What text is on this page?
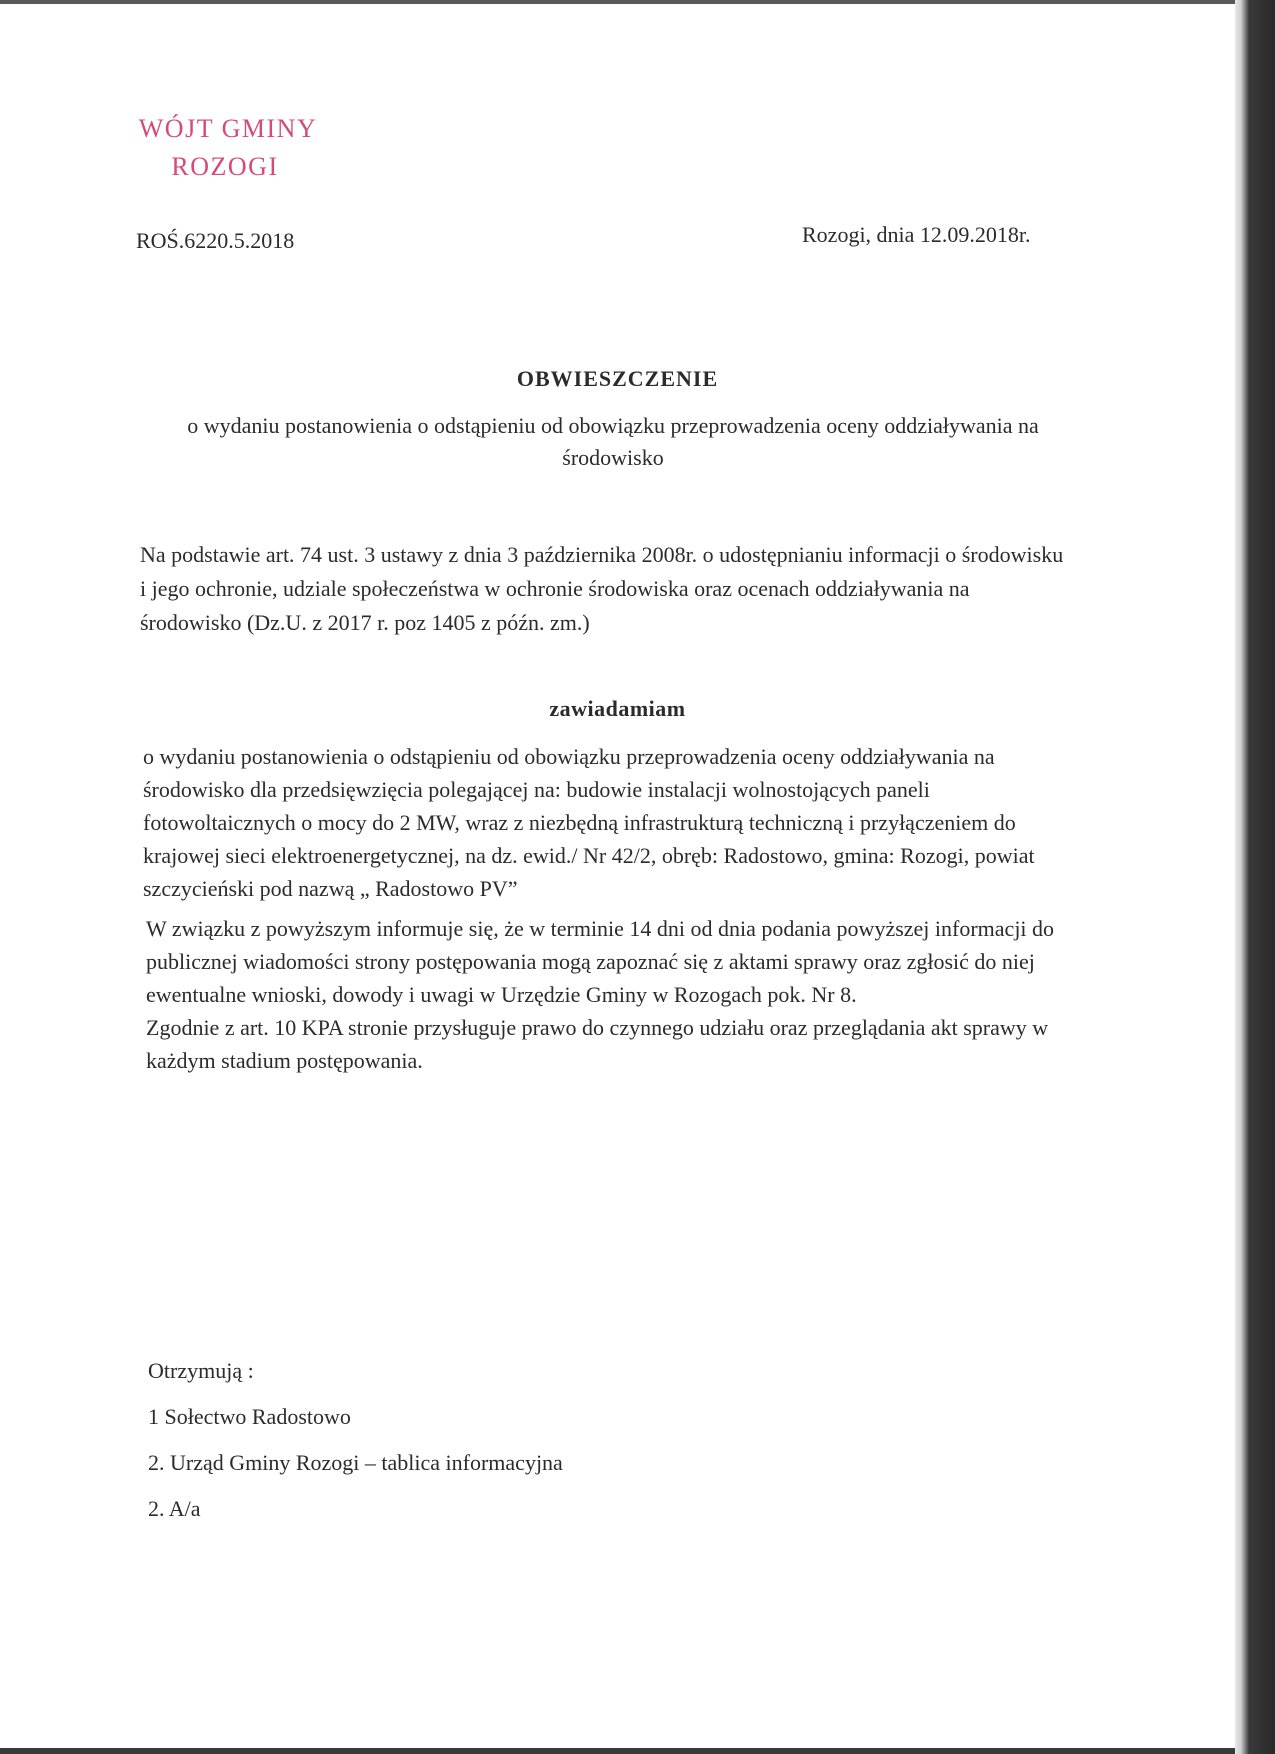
WÓJT GMINY
ROZOGI
ROŚ.6220.5.2018	Rozogi, dnia 12.09.2018r.
OBWIESZCZENIE
o wydaniu postanowienia o odstąpieniu od obowiązku przeprowadzenia oceny oddziaływania na środowisko
Na podstawie art. 74 ust. 3 ustawy z dnia 3 października 2008r. o udostępnianiu informacji o środowisku i jego ochronie, udziale społeczeństwa w ochronie środowiska oraz ocenach oddziaływania na środowisko (Dz.U. z 2017 r. poz 1405 z późn. zm.)
zawiadamiam
o wydaniu postanowienia o odstąpieniu od obowiązku przeprowadzenia oceny oddziaływania na środowisko dla przedsięwzięcia polegającej na: budowie instalacji wolnostojących paneli fotowoltaicznych o mocy do 2 MW, wraz z niezbędną infrastrukturą techniczną i przyłączeniem do krajowej sieci elektroenergetycznej, na dz. ewid./ Nr 42/2, obręb: Radostowo, gmina: Rozogi, powiat szczycieński pod nazwą „ Radostowo PV”
W związku z powyższym informuje się, że w terminie 14 dni od dnia podania powyższej informacji do publicznej wiadomości strony postępowania mogą zapoznać się z aktami sprawy oraz zgłosić do niej ewentualne wnioski, dowody i uwagi w Urzędzie Gminy w Rozogach pok. Nr 8.
Zgodnie z art. 10 KPA stronie przysługuje prawo do czynnego udziału oraz przeglądania akt sprawy w każdym stadium postępowania.
Otrzymują :
1 Sołectwo Radostowo
2. Urząd Gminy Rozogi – tablica informacyjna
2. A/a
